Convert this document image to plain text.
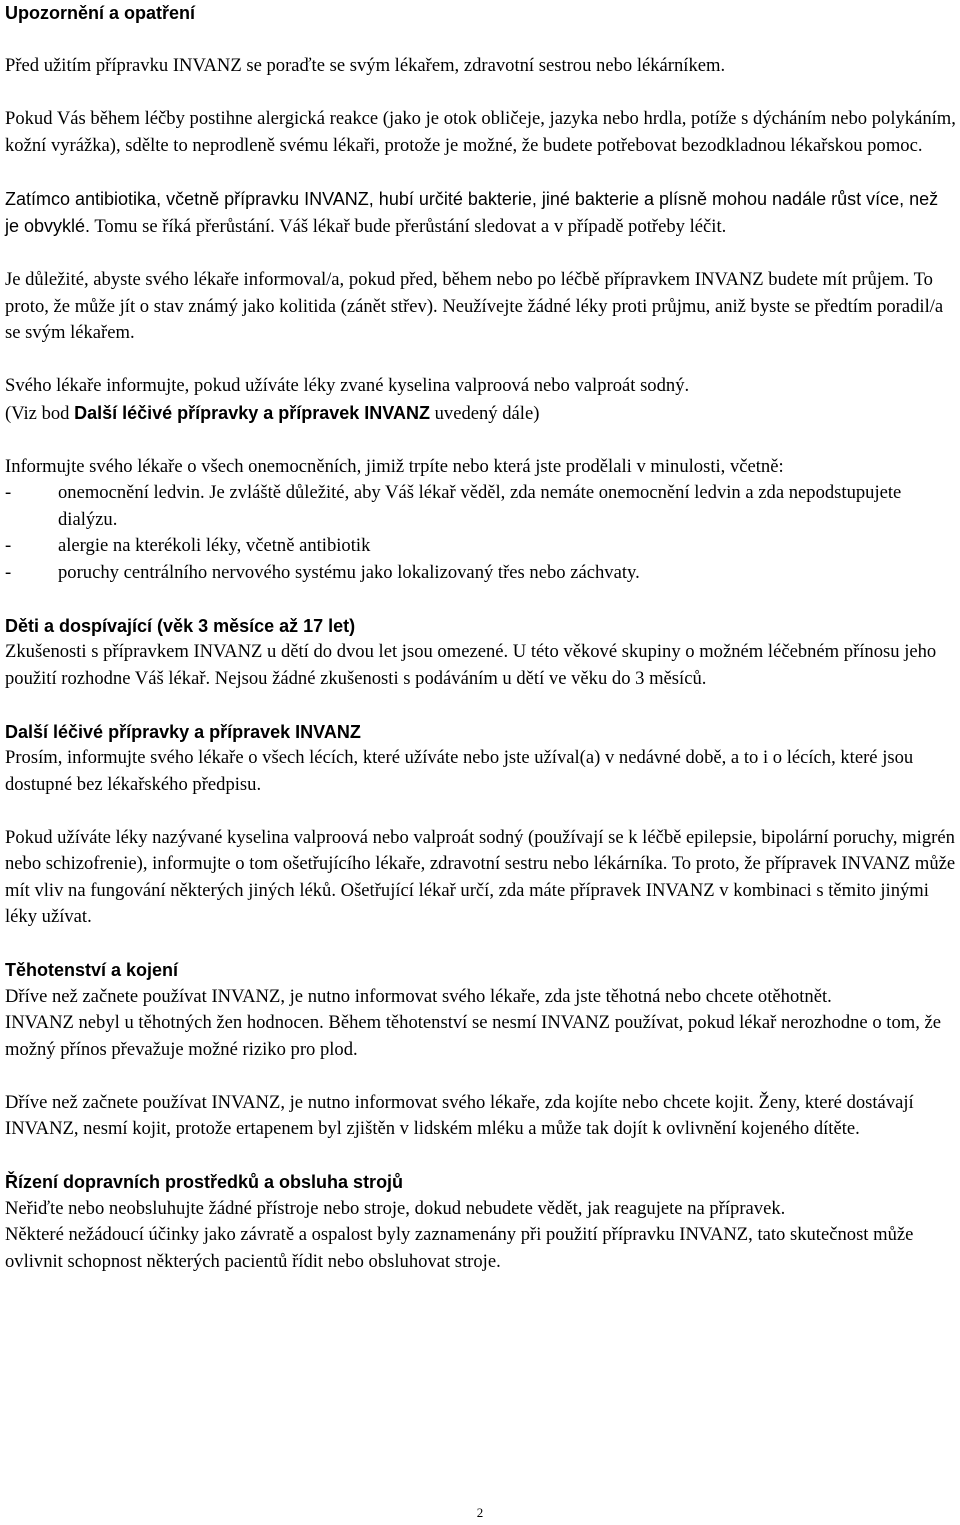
Upozornění a opatření

Před užitím přípravku INVANZ se poraďte se svým lékařem, zdravotní sestrou nebo lékárníkem.

Pokud Vás během léčby postihne alergická reakce (jako je otok obličeje, jazyka nebo hrdla, potíže s dýcháním nebo polykáním, kožní vyrážka), sdělte to neprodleně svému lékaři, protože je možné, že budete potřebovat bezodkladnou lékařskou pomoc.

Zatímco antibiotika, včetně přípravku INVANZ, hubí určité bakterie, jiné bakterie a plísně mohou nadále růst více, než je obvyklé. Tomu se říká přerůstání. Váš lékař bude přerůstání sledovat a v případě potřeby léčit.

Je důležité, abyste svého lékaře informoval/a, pokud před, během nebo po léčbě přípravkem INVANZ budete mít průjem. To proto, že může jít o stav známý jako kolitida (zánět střev). Neužívejte žádné léky proti průjmu, aniž byste se předtím poradil/a se svým lékařem.

Svého lékaře informujte, pokud užíváte léky zvané kyselina valproová nebo valproát sodný.

(Viz bod Další léčivé přípravky a přípravek INVANZ uvedený dále)

Informujte svého lékaře o všech onemocněních, jimiž trpíte nebo která jste prodělali v minulosti, včetně:

-	onemocnění ledvin. Je zvláště důležité, aby Váš lékař věděl, zda nemáte onemocnění ledvin a zda nepodstupujete dialýzu.
-	alergie na kterékoli léky, včetně antibiotik
-	poruchy centrálního nervového systému jako lokalizovaný třes nebo záchvaty.
Děti a dospívající (věk 3 měsíce až 17 let)

Zkušenosti s přípravkem INVANZ u dětí do dvou let jsou omezené. U této věkové skupiny o možném léčebném přínosu jeho použití rozhodne Váš lékař. Nejsou žádné zkušenosti s podáváním u dětí ve věku do 3 měsíců.

Další léčivé přípravky a přípravek INVANZ

Prosím, informujte svého lékaře o všech lécích, které užíváte nebo jste užíval(a) v nedávné době, a to i o lécích, které jsou dostupné bez lékařského předpisu.

Pokud užíváte léky nazývané kyselina valproová nebo valproát sodný (používají se k léčbě epilepsie, bipolární poruchy, migrén nebo schizofrenie), informujte o tom ošetřujícího lékaře, zdravotní sestru nebo lékárníka. To proto, že přípravek INVANZ může mít vliv na fungování některých jiných léků. Ošetřující lékař určí, zda máte přípravek INVANZ v kombinaci s těmito jinými léky užívat.

Těhotenství a kojení

Dříve než začnete používat INVANZ, je nutno informovat svého lékaře, zda jste těhotná nebo chcete otěhotnět.

INVANZ nebyl u těhotných žen hodnocen. Během těhotenství se nesmí INVANZ používat, pokud lékař nerozhodne o tom, že možný přínos převažuje možné riziko pro plod.

Dříve než začnete používat INVANZ, je nutno informovat svého lékaře, zda kojíte nebo chcete kojit. Ženy, které dostávají INVANZ, nesmí kojit, protože ertapenem byl zjištěn v lidském mléku a může tak dojít k ovlivnění kojeného dítěte.

Řízení dopravních prostředků a obsluha strojů

Neřiďte nebo neobsluhujte žádné přístroje nebo stroje, dokud nebudete vědět, jak reagujete na přípravek.

Některé nežádoucí účinky jako závratě a ospalost byly zaznamenány při použití přípravku INVANZ, tato skutečnost může ovlivnit schopnost některých pacientů řídit nebo obsluhovat stroje.

2
